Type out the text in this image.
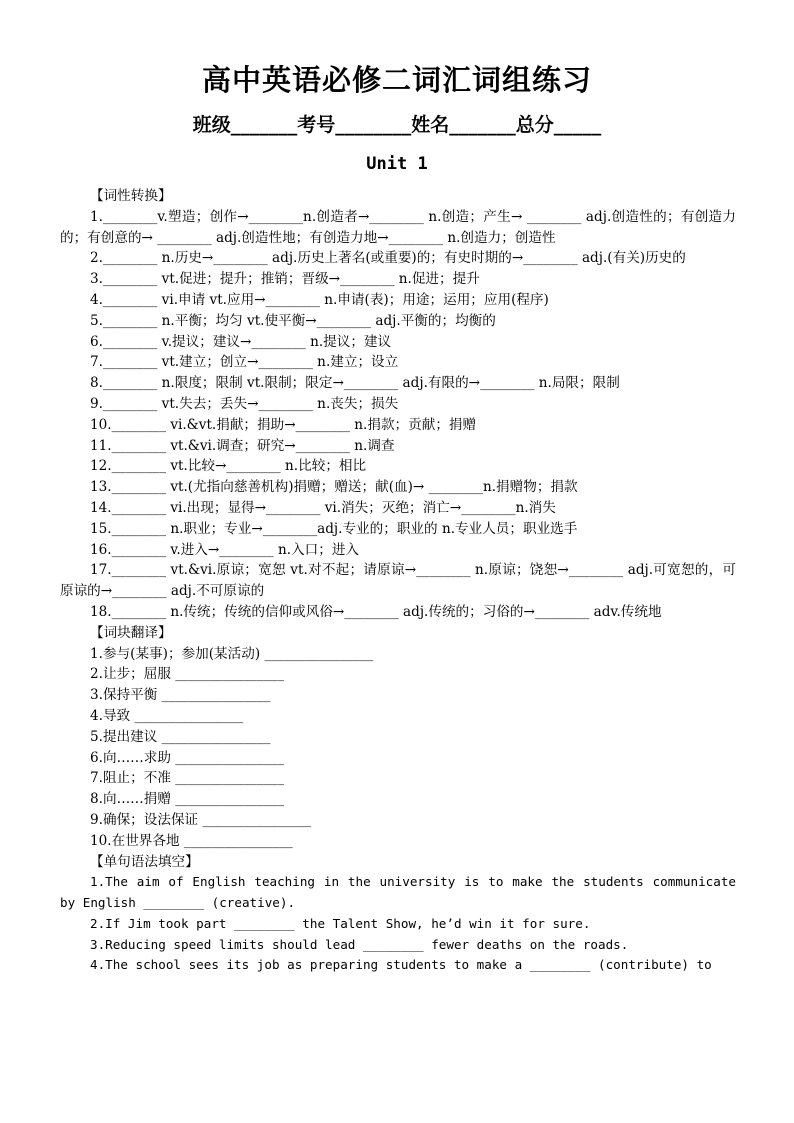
高中英语必修二词汇词组练习
班级_______考号________姓名_______总分_____
Unit 1

【词性转换】

1.________v.塑造；创作→________n.创造者→________ n.创造；产生→ ________ adj.创造性的；有创造力的；有创意的→ ________ adj.创造性地；有创造力地→________ n.创造力；创造性

2.________ n.历史→________ adj.历史上著名(或重要)的；有史时期的→________ adj.(有关)历史的

3.________ vt.促进；提升；推销；晋级→________ n.促进；提升

4.________ vi.申请 vt.应用→________ n.申请(表)；用途；运用；应用(程序)

5.________ n.平衡；均匀 vt.使平衡→________ adj.平衡的；均衡的

6.________ v.提议；建议→________ n.提议；建议

7.________ vt.建立；创立→________ n.建立；设立

8.________ n.限度；限制 vt.限制；限定→________ adj.有限的→________ n.局限；限制

9.________ vt.失去；丢失→________ n.丧失；损失

10.________ vi.&vt.捐献；捐助→________ n.捐款；贡献；捐赠

11.________ vt.&vi.调查；研究→________ n.调查

12.________ vt.比较→________ n.比较；相比

13.________ vt.(尤指向慈善机构)捐赠；赠送；献(血)→ ________n.捐赠物；捐款

14.________ vi.出现；显得→________ vi.消失；灭绝；消亡→________n.消失

15.________ n.职业；专业→________adj.专业的；职业的 n.专业人员；职业选手

16.________ v.进入→________ n.入口；进入

17.________ vt.&vi.原谅；宽恕 vt.对不起；请原谅→________ n.原谅；饶恕→________ adj.可宽恕的，可原谅的→________ adj.不可原谅的

18.________ n.传统；传统的信仰或风俗→________ adj.传统的；习俗的→________ adv.传统地

【词块翻译】

1.参与(某事)；参加(某活动) ________________

2.让步；屈服 ________________

3.保持平衡 ________________

4.导致 ________________

5.提出建议 ________________

6.向……求助 ________________

7.阻止；不准 ________________

8.向……捐赠 ________________

9.确保；设法保证 ________________

10.在世界各地 ________________

【单句语法填空】

1.The aim of English teaching in the university is to make the students communicate by English ________ (creative).

2.If Jim took part ________ the Talent Show, he’d win it for sure.

3.Reducing speed limits should lead ________ fewer deaths on the roads.

4.The school sees its job as preparing students to make a ________ (contribute) to
